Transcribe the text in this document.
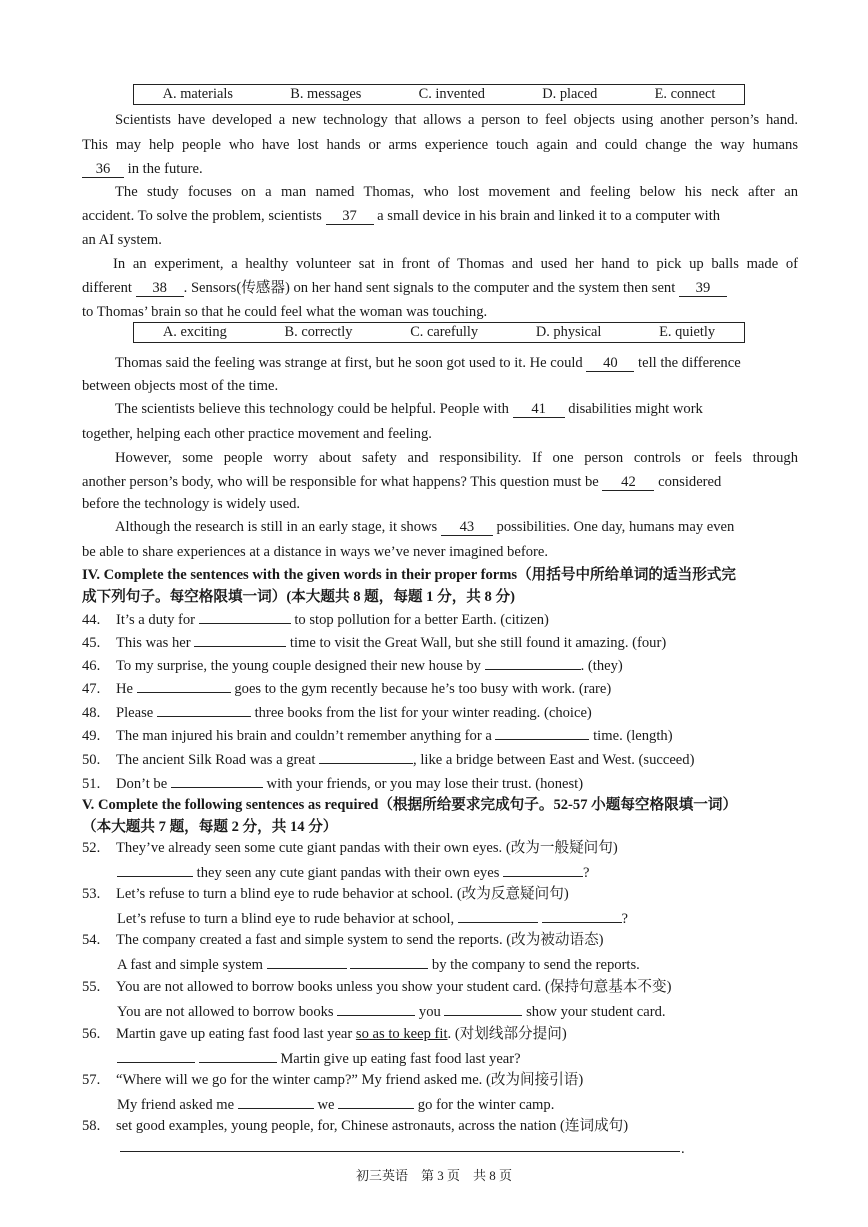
A. materials	B. messages	C. invented	D. placed	E. connect
Scientists have developed a new technology that allows a person to feel objects using another person’s hand.
This may help people who have lost hands or arms experience touch again and could change the way humans
36 in the future.
The study focuses on a man named Thomas, who lost movement and feeling below his neck after an
accident. To solve the problem, scientists 37 a small device in his brain and linked it to a computer with
an AI system.
In an experiment, a healthy volunteer sat in front of Thomas and used her hand to pick up balls made of
different 38 . Sensors(传感器) on her hand sent signals to the computer and the system then sent 39
to Thomas’ brain so that he could feel what the woman was touching.
A. exciting	B. correctly	C. carefully	D. physical	E. quietly
Thomas said the feeling was strange at first, but he soon got used to it. He could 40 tell the difference
between objects most of the time.
The scientists believe this technology could be helpful. People with 41 disabilities might work
together, helping each other practice movement and feeling.
However, some people worry about safety and responsibility. If one person controls or feels through
another person’s body, who will be responsible for what happens? This question must be 42 considered
before the technology is widely used.
Although the research is still in an early stage, it shows 43 possibilities. One day, humans may even
be able to share experiences at a distance in ways we’ve never imagined before.
IV. Complete the sentences with the given words in their proper forms（用括号中所给单词的适当形式完
成下列句子。每空格限填一词）(本大题共 8 题，每题 1 分，共 8 分)
44. It’s a duty for	to stop pollution for a better Earth. (citizen)
45. This was her	time to visit the Great Wall, but she still found it amazing. (four)
46. To my surprise, the young couple designed their new house by	. (they)
47. He	goes to the gym recently because he’s too busy with work. (rare)
48. Please	three books from the list for your winter reading. (choice)
49. The man injured his brain and couldn’t remember anything for a	time. (length)
50. The ancient Silk Road was a great	, like a bridge between East and West. (succeed)
51. Don’t be	with your friends, or you may lose their trust. (honest)
V. Complete the following sentences as required（根据所给要求完成句子。52-57 小题每空格限填一词）
（本大题共 7 题，每题 2 分，共 14 分）
52. They’ve already seen some cute giant pandas with their own eyes. (改为一般疑问句)
they seen any cute giant pandas with their own eyes	?
53. Let’s refuse to turn a blind eye to rude behavior at school. (改为反意疑问句)
Let’s refuse to turn a blind eye to rude behavior at school,	?
54. The company created a fast and simple system to send the reports. (改为被动语态)
A fast and simple system	by the company to send the reports.
55. You are not allowed to borrow books unless you show your student card. (保持句意基本不变)
You are not allowed to borrow books	you	show your student card.
56. Martin gave up eating fast food last year so as to keep fit. (对划线部分提问)
Martin give up eating fast food last year?
57. “Where will we go for the winter camp?” My friend asked me. (改为间接引语)
My friend asked me	we	go for the winter camp.
58. set good examples, young people, for, Chinese astronauts, across the nation (连词成句)
.
初三英语　第 3 页　共 8 页
